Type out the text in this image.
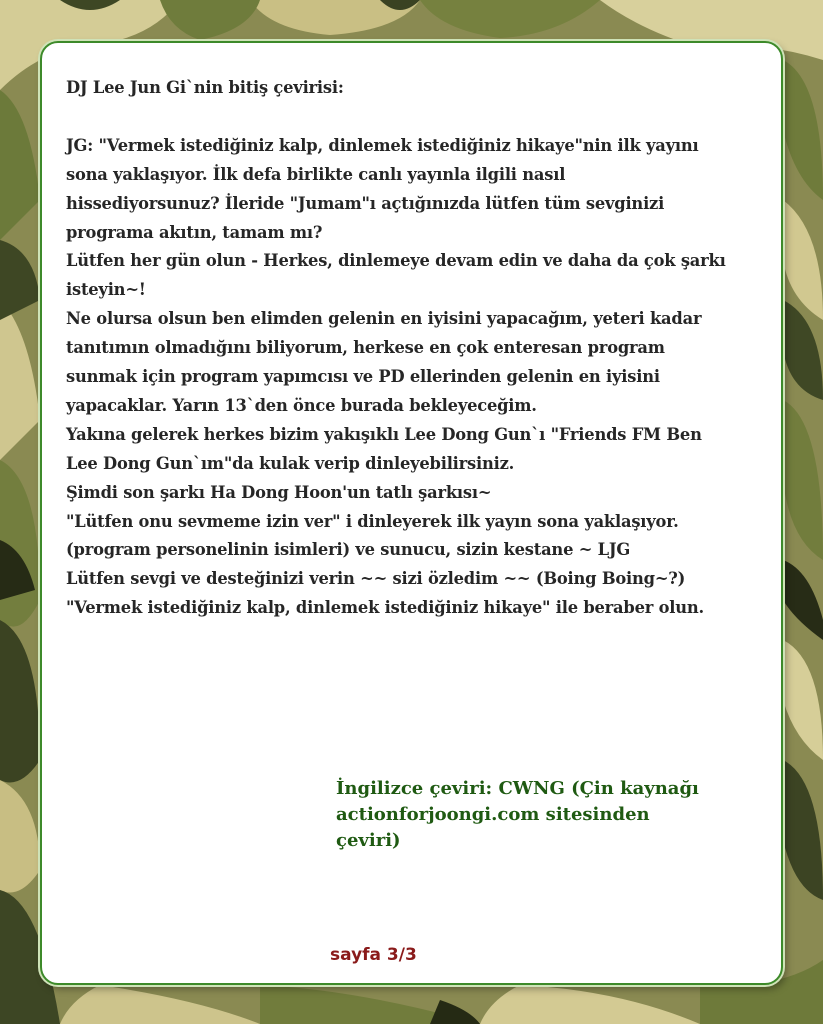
DJ Lee Jun Gi`nin bitiş çevirisi:

JG: "Vermek istediğiniz kalp, dinlemek istediğiniz hikaye"nin ilk yayını

sona yaklaşıyor. İlk defa birlikte canlı yayınla ilgili nasıl

hissediyorsunuz? İleride "Jumam"ı açtığınızda lütfen tüm sevginizi

programa akıtın, tamam mı?

Lütfen her gün olun - Herkes, dinlemeye devam edin ve daha da çok şarkı

isteyin~!

Ne olursa olsun ben elimden gelenin en iyisini yapacağım, yeteri kadar

tanıtımın olmadığını biliyorum, herkese en çok enteresan program

sunmak için program yapımcısı ve PD ellerinden gelenin en iyisini

yapacaklar. Yarın 13`den önce burada bekleyeceğim.

Yakına gelerek herkes bizim yakışıklı Lee Dong Gun`ı "Friends FM Ben

Lee Dong Gun`ım"da kulak verip dinleyebilirsiniz.

Şimdi son şarkı Ha Dong Hoon'un tatlı şarkısı~

"Lütfen onu sevmeme izin ver" i dinleyerek ilk yayın sona yaklaşıyor.

(program personelinin isimleri) ve sunucu, sizin kestane ~ LJG

Lütfen sevgi ve desteğinizi verin ~~ sizi özledim ~~ (Boing Boing~?)

"Vermek istediğiniz kalp, dinlemek istediğiniz hikaye" ile beraber olun.

İngilizce çeviri: CWNG (Çin kaynağı
actionforjoongi.com sitesinden
çeviri)
sayfa 3/3
